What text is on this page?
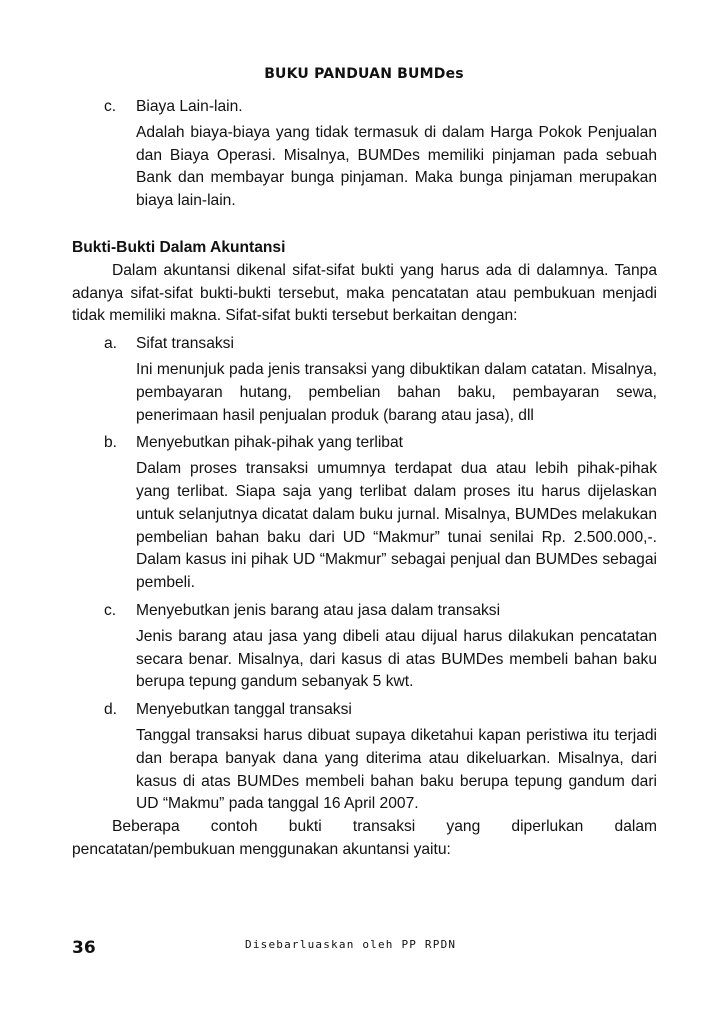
BUKU PANDUAN BUMDes
c.	Biaya Lain-lain.
Adalah biaya-biaya yang tidak termasuk di dalam Harga Pokok Penjualan dan Biaya Operasi. Misalnya, BUMDes memiliki pinjaman pada sebuah Bank dan membayar bunga pinjaman. Maka bunga pinjaman merupakan biaya lain-lain.
Bukti-Bukti Dalam Akuntansi
Dalam akuntansi dikenal sifat-sifat bukti yang harus ada di dalamnya. Tanpa adanya sifat-sifat bukti-bukti tersebut, maka pencatatan atau pembukuan menjadi tidak memiliki makna. Sifat-sifat bukti tersebut berkaitan dengan:
a.	Sifat transaksi
Ini menunjuk pada jenis transaksi yang dibuktikan dalam catatan. Misalnya, pembayaran hutang, pembelian bahan baku, pembayaran sewa, penerimaan hasil penjualan produk (barang atau jasa), dll
b.	Menyebutkan pihak-pihak yang terlibat
Dalam proses transaksi umumnya terdapat dua atau lebih pihak-pihak yang terlibat. Siapa saja yang terlibat dalam proses itu harus dijelaskan untuk selanjutnya dicatat dalam buku jurnal. Misalnya, BUMDes melakukan pembelian bahan baku dari UD “Makmur” tunai senilai Rp. 2.500.000,-. Dalam kasus ini pihak UD “Makmur” sebagai penjual dan BUMDes sebagai pembeli.
c.	Menyebutkan jenis barang atau jasa dalam transaksi
Jenis barang atau jasa yang dibeli atau dijual harus dilakukan pencatatan secara benar. Misalnya, dari kasus di atas BUMDes membeli bahan baku berupa tepung gandum sebanyak 5 kwt.
d.	Menyebutkan tanggal transaksi
Tanggal transaksi harus dibuat supaya diketahui kapan peristiwa itu terjadi dan berapa banyak dana yang diterima atau dikeluarkan. Misalnya, dari kasus di atas BUMDes membeli bahan baku berupa tepung gandum dari UD “Makmu” pada tanggal 16 April 2007.
Beberapa contoh bukti transaksi yang diperlukan dalam pencatatan/pembukuan menggunakan akuntansi yaitu:
36	Disebarluaskan oleh PP RPDN
